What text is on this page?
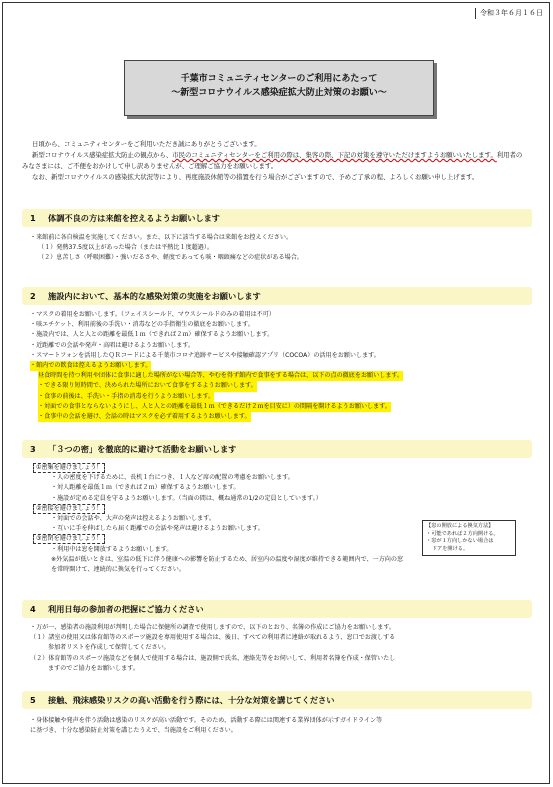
令和３年６月１６日
千葉市コミュニティセンターのご利用にあたって
～新型コロナウイルス感染症拡大防止対策のお願い～

日頃から、コミュニティセンターをご利用いただき誠にありがとうございます。

新型コロナウイルス感染症拡大防止の観点から、市民のコミュニティセンターをご利用の際は、集客の際、下記の対策を遵守いただけますようお願いいたします。利用者のみなさまには、ご不便をおかけして申し訳ありませんが、ご理解ご協力をお願いします。

なお、新型コロナウイルスの感染拡大状況等により、再度施設休館等の措置を行う場合がございますので、予めご了承の程、よろしくお願い申し上げます。

1 体調不良の方は来館を控えるようお願いします
・来館前に各自検温を実施してください。また、以下に該当する場合は来館をお控えください。
（１）発熱37.5度以上があった場合（または平熱比１度超過）。
（２）息苦しさ（呼吸困難）・強いだるさや、軽度であっても咳・咽頭痛などの症状がある場合。
2 施設内において、基本的な感染対策の実施をお願いします
・マスクの着用をお願いします。（フェイスシールド、マウスシールドのみの着用は不可）
・咳エチケット、利用前後の手洗い・消毒などの手指衛生の徹底をお願いします。
・施設内では、人と人との距離を最低１ｍ（できれば２ｍ）確保するようお願いします。
・近距離での会話や発声・高唱は避けるようお願いします。
・スマートフォンを活用したＱＲコードによる千葉市コロナ追跡サービスや接触確認アプリ（COCOA）の活用をお願いします。
・館内での飲食は控えるようお願いします。
昼食時間を持つ利用や団体に食事に適した場所がない場合等、やむを得ず館内で食事をする場合は、以下の点の徹底をお願いします。
・できる限り短時間で、決められた場所において食事をするようお願いします。
・食事の前後は、手洗い・手指の消毒を行うようお願いします。
・対面での食事とならないようにし、人と人との距離を最低１ｍ（できるだけ２ｍを目安に）の間隔を開けるようお願いします。
・食事中の会話を避け、会話の時はマスクを必ず着用するようお願いします。
3 「３つの密」を徹底的に避けて活動をお願いします
①密集を避けましょう！
・人の密度を下げるために、長机１台につき、１人など席の配置の考慮をお願いします。
・対人距離を最低１ｍ（できれば２ｍ）確保するようお願いします。
・施設が定める定員を守るようお願いします。（当面の間は、概ね通常の1/2の定員としています。）
②密接を避けましょう！
・対面での会話や、大声の発声は控えるようお願いします。
・互いに手を伸ばしたら届く距離での会話や発声は避けるようお願いします。
③密閉を避けましょう！
・利用中は窓を開放するようお願いします。
※外気温が低いときは、室温の低下に伴う健康への影響を防止するため、居室内の温度や湿度が維持できる範囲内で、一方向の窓
を常時開けて、連続的に換気を行ってください。
【窓の開放による換気方法】
・可能であれば２方向開ける。
・窓が１方向しかない場合は
ドアを開ける。
4 利用日毎の参加者の把握にご協力ください
・万が一、感染者の施設利用が判明した場合に保健所の調査で使用しますので、以下のとおり、名簿の作成にご協力をお願いします。
（１）諸室の使用又は体育館等のスポーツ施設を専用使用する場合は、後日、すべての利用者に連絡が取れるよう、窓口でお渡しする
参加者リストを作成して保管してください。
（２）体育館等のスポーツ施設などを個人で使用する場合は、施設側で氏名、連絡先等をお伺いして、利用者名簿を作成・保管いたし
ますのでご協力をお願いします。
5 接触、飛沫感染リスクの高い活動を行う際には、十分な対策を講じてください
・身体接触や発声を伴う活動は感染のリスクが高い活動です。そのため、活動する際には関連する業界団体が示すガイドライン等
に基づき、十分な感染防止対策を講じたうえで、当施設をご利用ください。
